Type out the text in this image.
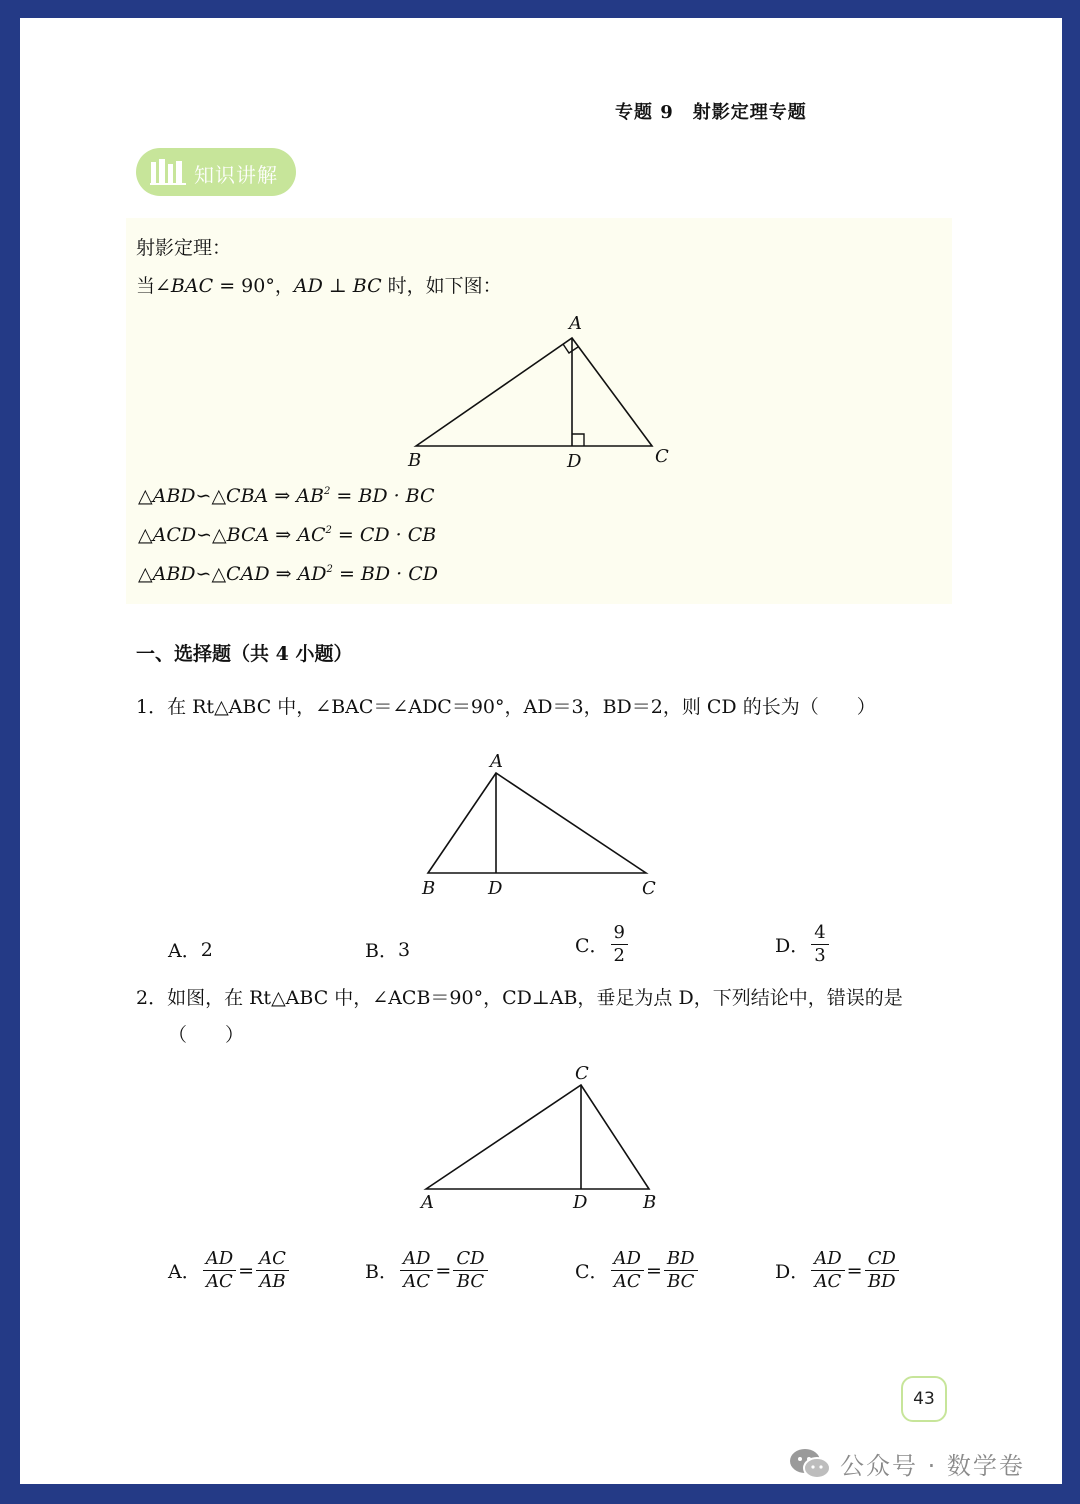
专题 9　射影定理专题
知识讲解
射影定理：
当∠BAC = 90°，AD ⊥ BC 时，如下图：
A
B	C
D
△ABD∽△CBA ⇒ $AB^2$ = BD · BC
△ACD∽△BCA ⇒ $AC^2$ = CD · CB
△ABD∽△CAD ⇒ $AD^2$ = BD · CD
一、选择题（共 4 小题）
1．在 Rt△ABC 中，∠BAC＝∠ADC＝90°，AD＝3，BD＝2，则 CD 的长为（　　）
A
B	C
D
A． 2	B． 3	C． $\frac{9}{2}$	D． $\frac{4}{3}$
2．如图，在 Rt△ABC 中，∠ACB＝90°，CD⊥AB，垂足为点 D，下列结论中，错误的是
（　　）
C
A	D	B
A． $\frac{AD}{AC} = \frac{AC}{AB}$	B． $\frac{AD}{AC} = \frac{CD}{BC}$	C． $\frac{AD}{AC} = \frac{BD}{BC}$	D． $\frac{AD}{AC} = \frac{CD}{BD}$
43
公众号 · 数学卷
